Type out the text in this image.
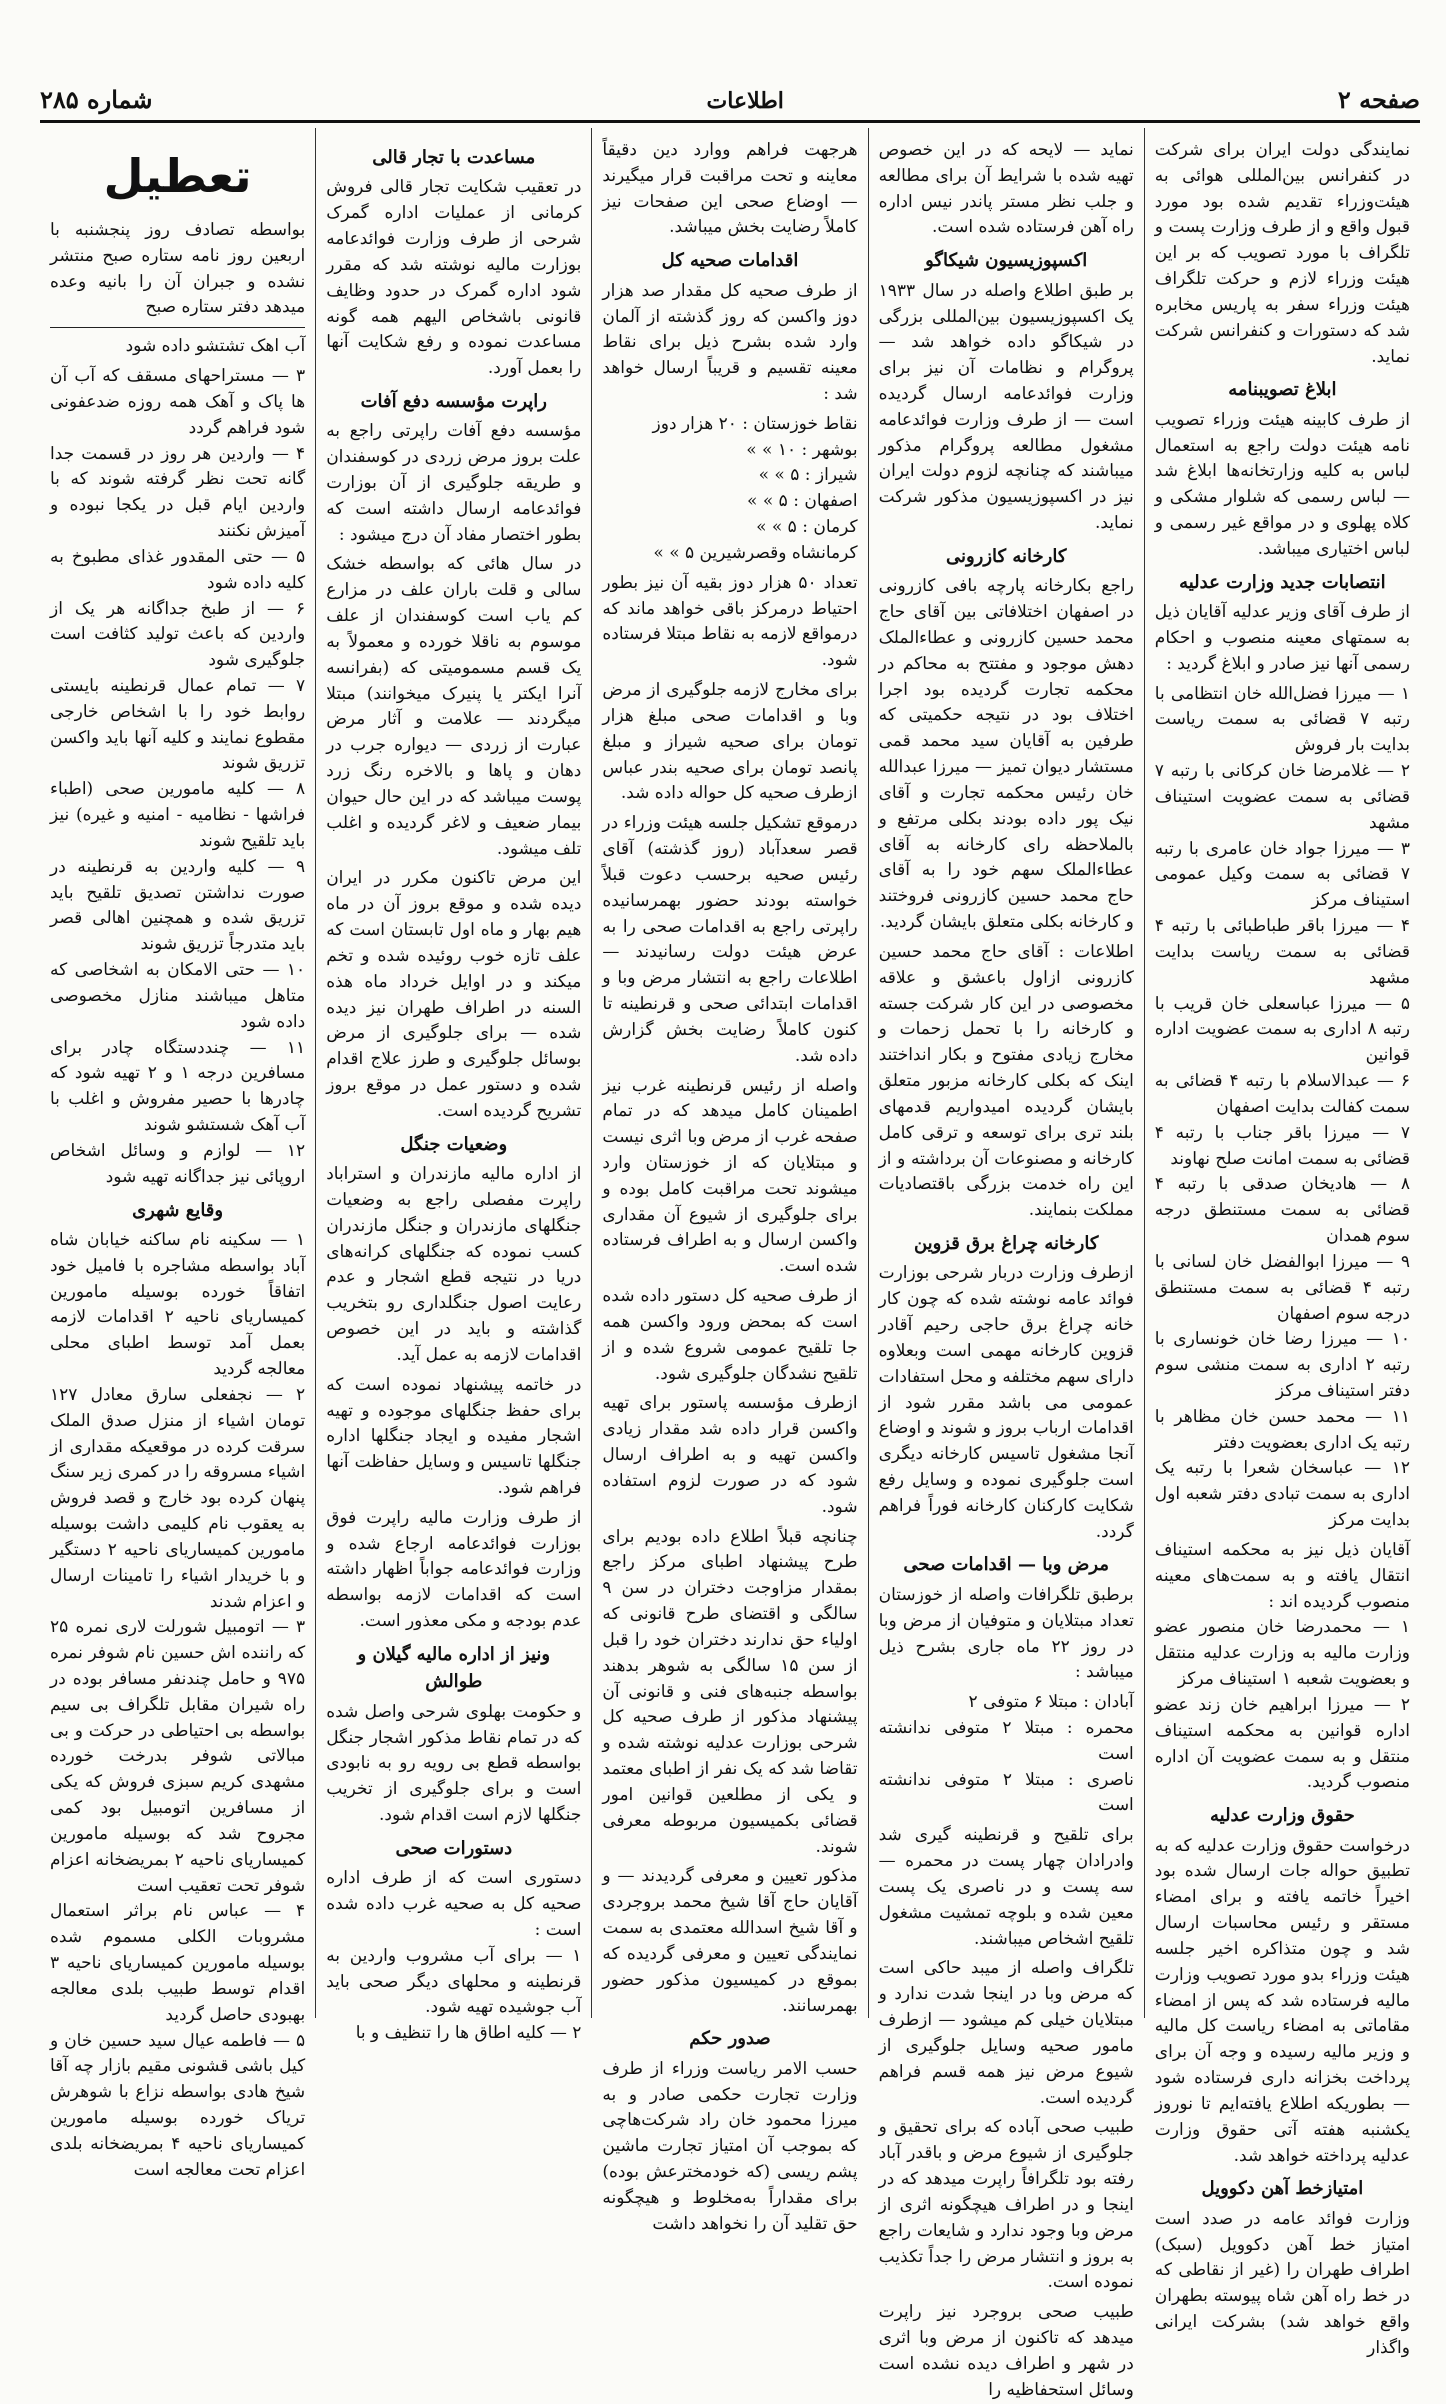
شماره ۲۸۵	اطلاعات	صفحه ۲

نمایندگی دولت ایران برای شرکت در کنفرانس بین‌المللی هوائی به هیئت‌وزراء تقدیم شده بود مورد قبول واقع و از طرف وزارت پست و تلگراف با مورد تصویب که بر این هیئت وزراء لازم و حرکت تلگراف هیئت وزراء سفر به پاریس مخابره شد که دستورات و کنفرانس شرکت نماید.

ابلاغ تصویبنامه

از طرف کابینه هیئت وزراء تصویب نامه هیئت دولت راجع به استعمال لباس به کلیه وزارتخانه‌ها ابلاغ شد — لباس رسمی که شلوار مشکی و کلاه پهلوی و در مواقع غیر رسمی و لباس اختیاری میباشد.

انتصابات جدید وزارت عدلیه

از طرف آقای وزیر عدلیه آقایان ذیل به سمتهای معینه منصوب و احکام رسمی آنها نیز صادر و ابلاغ گردید :

۱ — میرزا فضل‌الله خان انتظامی با رتبه ۷ قضائی به سمت ریاست بدایت بار فروش
۲ — غلامرضا خان کرکانی با رتبه ۷ قضائی به سمت عضویت استیناف مشهد
۳ — میرزا جواد خان عامری با رتبه ۷ قضائی به سمت وکیل عمومی استیناف مرکز
۴ — میرزا باقر طباطبائی با رتبه ۴ قضائی به سمت ریاست بدایت مشهد
۵ — میرزا عباسعلی خان قریب با رتبه ۸ اداری به سمت عضویت اداره قوانین
۶ — عبدالاسلام با رتبه ۴ قضائی به سمت کفالت بدایت اصفهان
۷ — میرزا باقر جناب با رتبه ۴ قضائی به سمت امانت صلح نهاوند
۸ — هادیخان صدقی با رتبه ۴ قضائی به سمت مستنطق درجه سوم همدان
۹ — میرزا ابوالفضل خان لسانی با رتبه ۴ قضائی به سمت مستنطق درجه سوم اصفهان
۱۰ — میرزا رضا خان خونساری با رتبه ۲ اداری به سمت منشی سوم دفتر استیناف مرکز
۱۱ — محمد حسن خان مظاهر با رتبه یک اداری بعضویت دفتر
۱۲ — عباسخان شعرا با رتبه یک اداری به سمت تبادی دفتر شعبه اول بدایت مرکز

آقایان ذیل نیز به محکمه استیناف انتقال یافته و به سمت‌های معینه منصوب گردیده اند :
۱ — محمدرضا خان منصور عضو وزارت مالیه به وزارت عدلیه منتقل و بعضویت شعبه ۱ استیناف مرکز
۲ — میرزا ابراهیم خان زند عضو اداره قوانین به محکمه استیناف منتقل و به سمت عضویت آن اداره منصوب گردید.

حقوق وزارت عدلیه

درخواست حقوق وزارت عدلیه که به تطبیق حواله جات ارسال شده بود اخیراً خاتمه یافته و برای امضاء مستقر و رئیس محاسبات ارسال شد و چون متذاکره اخیر جلسه هیئت وزراء بدو مورد تصویب وزارت مالیه فرستاده شد که پس از امضاء مقاماتی به امضاء ریاست کل مالیه و وزیر مالیه رسیده و وجه آن برای پرداخت بخزانه داری فرستاده شود — بطوریکه اطلاع یافته‌ایم تا نوروز یکشنبه هفته آتی حقوق وزارت عدلیه پرداخته خواهد شد.

امتیازخط آهن دکوویل

وزارت فوائد عامه در صدد است امتیاز خط آهن دکوویل (سبک) اطراف طهران را (غیر از نقاطی که در خط راه آهن شاه پیوسته بطهران واقع خواهد شد) بشرکت ایرانی واگذار

نماید — لایحه که در این خصوص تهیه شده با شرایط آن برای مطالعه و جلب نظر مستر پاندر نیس اداره راه آهن فرستاده شده است.

اکسپوزیسیون شیکاگو

بر طبق اطلاع واصله در سال ۱۹۳۳ یک اکسپوزیسیون بین‌المللی بزرگی در شیکاگو داده خواهد شد — پروگرام و نظامات آن نیز برای وزارت فوائدعامه ارسال گردیده است — از طرف وزارت فوائدعامه مشغول مطالعه پروگرام مذکور میباشند که چنانچه لزوم دولت ایران نیز در اکسپوزیسیون مذکور شرکت نماید.

کارخانه کازرونی

راجع بکارخانه پارچه بافی کازرونی در اصفهان اختلافاتی بین آقای حاج محمد حسین کازرونی و عطاءالملک دهش موجود و مفتتح به محاکم در محکمه تجارت گردیده بود اجرا اختلاف بود در نتیجه حکمیتی که طرفین به آقایان سید محمد قمی مستشار دیوان تمیز — میرزا عبدالله خان رئیس محکمه تجارت و آقای نیک پور داده بودند بکلی مرتفع و بالملاحظه رای کارخانه به آقای عطاءالملک سهم خود را به آقای حاج محمد حسین کازرونی فروختند و کارخانه بکلی متعلق بایشان گردید.

اطلاعات : آقای حاج محمد حسین کازرونی ازاول باعشق و علاقه مخصوصی در این کار شرکت جسته و کارخانه را با تحمل زحمات و مخارج زیادی مفتوح و بکار انداختند اینک که بکلی کارخانه مزبور متعلق بایشان گردیده امیدواریم قدمهای بلند تری برای توسعه و ترقی کامل کارخانه و مصنوعات آن برداشته و از این راه خدمت بزرگی باقتصادیات مملکت بنمایند.

کارخانه چراغ برق قزوین

ازطرف وزارت دربار شرحی بوزارت فوائد عامه نوشته شده که چون کار خانه چراغ برق حاجی رحیم آقادر قزوین کارخانه مهمی است وبعلاوه دارای سهم مختلفه و محل استفادات عمومی می باشد مقرر شود از اقدامات ارباب بروز و شوند و اوضاع آنجا مشغول تاسیس کارخانه دیگری است جلوگیری نموده و وسایل رفع شکایت کارکنان کارخانه فوراً فراهم گردد.

مرض وبا — اقدامات صحی

برطبق تلگرافات واصله از خوزستان تعداد مبتلایان و متوفیان از مرض وبا در روز ۲۲ ماه جاری بشرح ذیل میباشد :

آبادان : مبتلا ۶ متوفی ۲
محمره : مبتلا ۲ متوفی ندانشته است
ناصری : مبتلا ۲ متوفی ندانشته است

برای تلقیح و قرنطینه گیری شد وادرادان چهار پست در محمره — سه پست و در ناصری یک پست معین شده و بلوچه تمشیت مشغول تلقیح اشخاص میباشند.

تلگراف واصله از میبد حاکی است که مرض وبا در اینجا شدت ندارد و مبتلایان خیلی کم میشود — ازطرف مامور صحیه وسایل جلوگیری از شیوع مرض نیز همه قسم فراهم گردیده است.

طبیب صحی آباده که برای تحقیق و جلوگیری از شیوع مرض و باقدر آباد رفته بود تلگرافاً راپرت میدهد که در اینجا و در اطراف هیچگونه اثری از مرض وبا وجود ندارد و شایعات راجع به بروز و انتشار مرض را جداً تکذیب نموده است.

طبیب صحی بروجرد نیز راپرت میدهد که تاکنون از مرض وبا اثری در شهر و اطراف دیده نشده است وسائل استحفاظیه را

هرجهت فراهم ووارد دین دقیقاً معاینه و تحت مراقبت قرار میگیرند — اوضاع صحی این صفحات نیز کاملاً رضایت بخش میباشد.

اقدامات صحیه کل

از طرف صحیه کل مقدار صد هزار دوز واکسن که روز گذشته از آلمان وارد شده بشرح ذیل برای نقاط معینه تقسیم و قریباً ارسال خواهد شد :

نقاط خوزستان : ۲۰ هزار دوز
بوشهر : ۱۰ » »
شیراز : ۵ » »
اصفهان : ۵ » »
کرمان : ۵ » »
کرمانشاه وقصرشیرین ۵ » »

تعداد ۵۰ هزار دوز بقیه آن نیز بطور احتیاط درمرکز باقی خواهد ماند که درمواقع لازمه به نقاط مبتلا فرستاده شود.

برای مخارج لازمه جلوگیری از مرض وبا و اقدامات صحی مبلغ هزار تومان برای صحیه شیراز و مبلغ پانصد تومان برای صحیه بندر عباس ازطرف صحیه کل حواله داده شد.

درموقع تشکیل جلسه هیئت وزراء در قصر سعدآباد (روز گذشته) آقای رئیس صحیه برحسب دعوت قبلاً خواسته بودند حضور بهمرسانیده راپرتی راجع به اقدامات صحی را به عرض هیئت دولت رسانیدند — اطلاعات راجع به انتشار مرض وبا و اقدامات ابتدائی صحی و قرنطینه تا کنون کاملاً رضایت بخش گزارش داده شد.

واصله از رئیس قرنطینه غرب نیز اطمینان کامل میدهد که در تمام صفحه غرب از مرض وبا اثری نیست و مبتلایان که از خوزستان وارد میشوند تحت مراقبت کامل بوده و برای جلوگیری از شیوع آن مقداری واکسن ارسال و به اطراف فرستاده شده است.

از طرف صحیه کل دستور داده شده است که بمحض ورود واکسن همه جا تلقیح عمومی شروع شده و از تلقیح نشدگان جلوگیری شود.

ازطرف مؤسسه پاستور برای تهیه واکسن قرار داده شد مقدار زیادی واکسن تهیه و به اطراف ارسال شود که در صورت لزوم استفاده شود.

چنانچه قبلاً اطلاع داده بودیم برای طرح پیشنهاد اطبای مرکز راجع بمقدار مزاوجت دختران در سن ۹ سالگی و اقتضای طرح قانونی که اولیاء حق ندارند دختران خود را قبل از سن ۱۵ سالگی به شوهر بدهند بواسطه جنبه‌های فنی و قانونی آن پیشنهاد مذکور از طرف صحیه کل شرحی بوزارت عدلیه نوشته شده و تقاضا شد که یک نفر از اطبای معتمد و یکی از مطلعین قوانین امور قضائی بکمیسیون مربوطه معرفی شوند.

مذکور تعیین و معرفی گردیدند — و آقایان حاج آقا شیخ محمد بروجردی و آقا شیخ اسدالله معتمدی به سمت نمایندگی تعیین و معرفی گردیده که بموقع در کمیسیون مذکور حضور بهمرسانند.

صدور حکم

حسب الامر ریاست وزراء از طرف وزارت تجارت حکمی صادر و به میرزا محمود خان راد شرکت‌هاچی که بموجب آن امتیاز تجارت ماشین پشم ریسی (که خودمخترعش بوده) برای مقداراً به‌مخلوط و هیچگونه حق تقلید آن را نخواهد داشت

مساعدت با تجار قالی

در تعقیب شکایت تجار قالی فروش کرمانی از عملیات اداره گمرک شرحی از طرف وزارت فوائدعامه بوزارت مالیه نوشته شد که مقرر شود اداره گمرک در حدود وظایف قانونی باشخاص الیهم همه گونه مساعدت نموده و رفع شکایت آنها را بعمل آورد.

راپرت مؤسسه دفع آفات

مؤسسه دفع آفات راپرتی راجع به علت بروز مرض زردی در کوسفندان و طریقه جلوگیری از آن بوزارت فوائدعامه ارسال داشته است که بطور اختصار مفاد آن درج میشود :

در سال هائی که بواسطه خشک سالی و قلت باران علف در مزارع کم یاب است کوسفندان از علف موسوم به ناقلا خورده و معمولاً به یک قسم مسمومیتی که (بفرانسه آنرا ایکتر یا پنیرک میخوانند) مبتلا میگردند — علامت و آثار مرض عبارت از زردی — دیواره جرب در دهان و پاها و بالاخره رنگ زرد پوست میباشد که در این حال حیوان بیمار ضعیف و لاغر گردیده و اغلب تلف میشود.

این مرض تاکنون مکرر در ایران دیده شده و موقع بروز آن در ماه هیم بهار و ماه اول تابستان است که علف تازه خوب روئیده شده و تخم میکند و در اوایل خرداد ماه هذه السنه در اطراف طهران نیز دیده شده — برای جلوگیری از مرض بوسائل جلوگیری و طرز علاج اقدام شده و دستور عمل در موقع بروز تشریح گردیده است.

وضعیات جنگل

از اداره مالیه مازندران و استراباد راپرت مفصلی راجع به وضعیات جنگلهای مازندران و جنگل مازندران کسب نموده که جنگلهای کرانه‌های دریا در نتیجه قطع اشجار و عدم رعایت اصول جنگلداری رو بتخریب گذاشته و باید در این خصوص اقدامات لازمه به عمل آید.

در خاتمه پیشنهاد نموده است که برای حفظ جنگلهای موجوده و تهیه اشجار مفیده و ایجاد جنگلها اداره جنگلها تاسیس و وسایل حفاظت آنها فراهم شود.

از طرف وزارت مالیه راپرت فوق بوزارت فوائدعامه ارجاع شده و وزارت فوائدعامه جواباً اظهار داشته است که اقدامات لازمه بواسطه عدم بودجه و مکی معذور است.

ونیز از اداره مالیه گیلان و طوالش

و حکومت بهلوی شرحی واصل شده که در تمام نقاط مذکور اشجار جنگل بواسطه قطع بی رویه رو به نابودی است و برای جلوگیری از تخریب جنگلها لازم است اقدام شود.

دستورات صحی

دستوری است که از طرف اداره صحیه کل به صحیه غرب داده شده است :
۱ — برای آب مشروب واردین به قرنطینه و محلهای دیگر صحی باید آب جوشیده تهیه شود.
۲ — کلیه اطاق ها را تنظیف و با

تعطیل

بواسطه تصادف روز پنجشنبه با اربعین روز نامه ستاره صبح منتشر نشده و جبران آن را بانیه وعده میدهد دفتر ستاره صبح

آب اهک تشتشو داده شود

۳ — مستراحهای مسقف که آب آن ها پاک و آهک همه روزه ضدعفونی شود فراهم گردد
۴ — واردین هر روز در قسمت جدا گانه تحت نظر گرفته شوند که با واردین ایام قبل در یکجا نبوده و آمیزش نکنند
۵ — حتی المقدور غذای مطبوخ به کلیه داده شود
۶ — از طبخ جداگانه هر یک از واردین که باعث تولید کثافت است جلوگیری شود
۷ — تمام عمال قرنطینه بایستی روابط خود را با اشخاص خارجی مقطوع نمایند و کلیه آنها باید واکسن تزریق شوند
۸ — کلیه مامورین صحی (اطباء فراشها - نظامیه - امنیه و غیره) نیز باید تلقیح شوند
۹ — کلیه واردین به قرنطینه در صورت نداشتن تصدیق تلقیح باید تزریق شده و همچنین اهالی قصر باید متدرجاً تزریق شوند
۱۰ — حتی الامکان به اشخاصی که متاهل میباشند منازل مخصوصی داده شود
۱۱ — چنددستگاه چادر برای مسافرین درجه ۱ و ۲ تهیه شود که چادرها با حصیر مفروش و اغلب با آب آهک شستشو شوند
۱۲ — لوازم و وسائل اشخاص اروپائی نیز جداگانه تهیه شود

وقایع شهری

۱ — سکینه نام ساکنه خیابان شاه آباد بواسطه مشاجره با فامیل خود اتفاقاً خورده بوسیله مامورین کمیساریای ناحیه ۲ اقدامات لازمه بعمل آمد توسط اطبای محلی معالجه گردید
۲ — نجفعلی سارق معادل ۱۲۷ تومان اشیاء از منزل صدق الملک سرقت کرده در موقعیکه مقداری از اشیاء مسروقه را در کمری زیر سنگ پنهان کرده بود خارج و قصد فروش به یعقوب نام کلیمی داشت بوسیله مامورین کمیساریای ناحیه ۲ دستگیر و با خریدار اشیاء را تامینات ارسال و اعزام شدند
۳ — اتومبیل شورلت لاری نمره ۲۵ که راننده اش حسین نام شوفر نمره ۹۷۵ و حامل چندنفر مسافر بوده در راه شیران مقابل تلگراف بی سیم بواسطه بی احتیاطی در حرکت و بی مبالاتی شوفر بدرخت خورده مشهدی کریم سبزی فروش که یکی از مسافرین اتومبیل بود کمی مجروح شد که بوسیله مامورین کمیساریای ناحیه ۲ بمریضخانه اعزام شوفر تحت تعقیب است
۴ — عباس نام براثر استعمال مشروبات الکلی مسموم شده بوسیله مامورین کمیساریای ناحیه ۳ اقدام توسط طبیب بلدی معالجه بهبودی حاصل گردید
۵ — فاطمه عیال سید حسین خان و کیل باشی قشونی مقیم بازار چه آقا شیخ هادی بواسطه نزاع با شوهرش تریاک خورده بوسیله مامورین کمیساریای ناحیه ۴ بمریضخانه بلدی اعزام تحت معالجه است
